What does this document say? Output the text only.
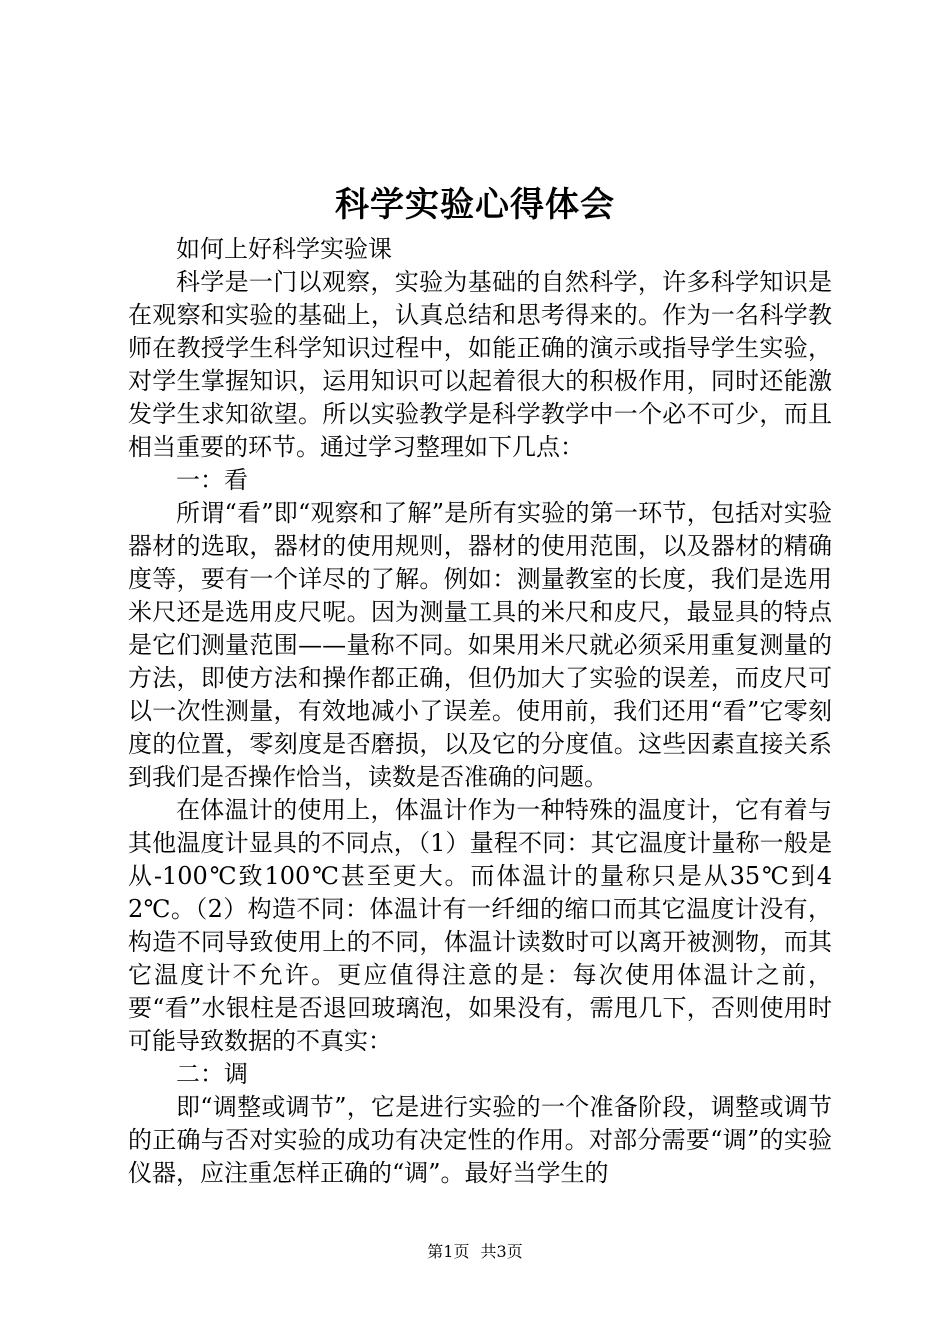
科学实验心得体会

如何上好科学实验课

科学是一门以观察，实验为基础的自然科学，许多科学知识是在观察和实验的基础上，认真总结和思考得来的。作为一名科学教师在教授学生科学知识过程中，如能正确的演示或指导学生实验，对学生掌握知识，运用知识可以起着很大的积极作用，同时还能激发学生求知欲望。所以实验教学是科学教学中一个必不可少，而且相当重要的环节。通过学习整理如下几点：

一：看

所谓“看”即“观察和了解”是所有实验的第一环节，包括对实验器材的选取，器材的使用规则，器材的使用范围，以及器材的精确度等，要有一个详尽的了解。例如：测量教室的长度，我们是选用米尺还是选用皮尺呢。因为测量工具的米尺和皮尺，最显具的特点是它们测量范围——量称不同。如果用米尺就必须采用重复测量的方法，即使方法和操作都正确，但仍加大了实验的误差，而皮尺可以一次性测量，有效地减小了误差。使用前，我们还用“看”它零刻度的位置，零刻度是否磨损，以及它的分度值。这些因素直接关系到我们是否操作恰当，读数是否准确的问题。

在体温计的使用上，体温计作为一种特殊的温度计，它有着与其他温度计显具的不同点，（1）量程不同：其它温度计量称一般是从-100℃致100℃甚至更大。而体温计的量称只是从35℃到42℃。（2）构造不同：体温计有一纤细的缩口而其它温度计没有，构造不同导致使用上的不同，体温计读数时可以离开被测物，而其它温度计不允许。更应值得注意的是：每次使用体温计之前，要“看”水银柱是否退回玻璃泡，如果没有，需甩几下，否则使用时可能导致数据的不真实：

二：调

即“调整或调节”，它是进行实验的一个准备阶段，调整或调节的正确与否对实验的成功有决定性的作用。对部分需要“调”的实验仪器，应注重怎样正确的“调”。最好当学生的

第1页 共3页
